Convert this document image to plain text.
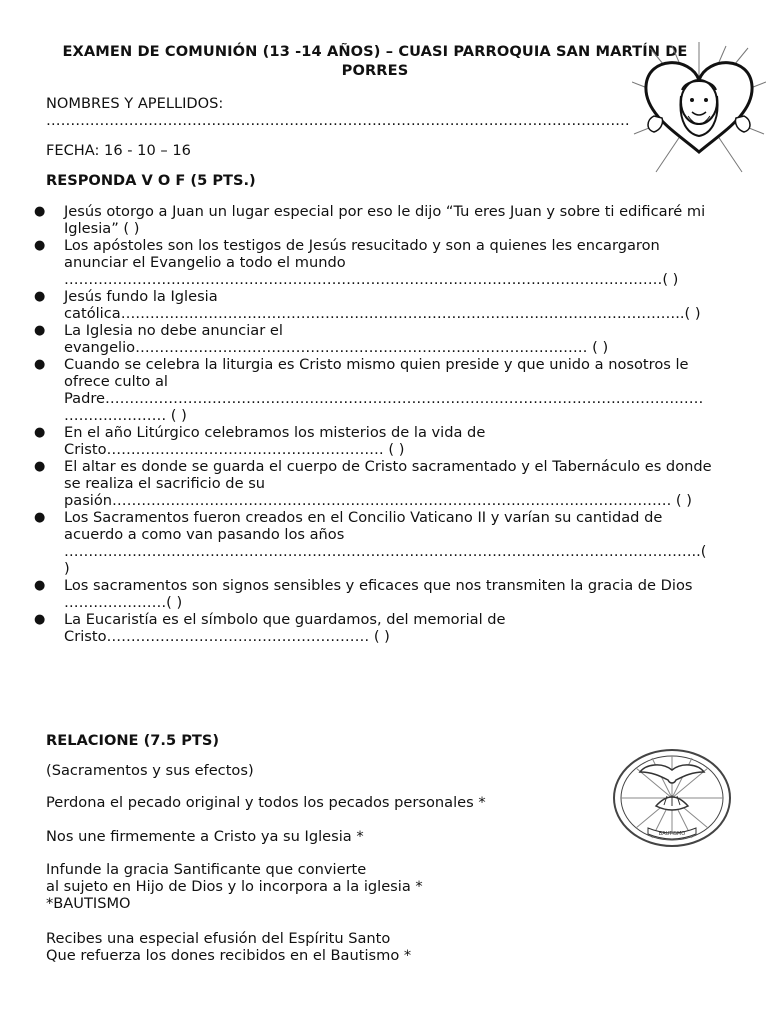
EXAMEN DE COMUNIÓN (13 -14 AÑOS) – CUASI PARROQUIA SAN MARTÍN DE PORRES
NOMBRES Y APELLIDOS:
…………………………………………………………………………………………………………
FECHA: 16 - 10 – 16
RESPONDA V O F (5 PTS.)
● Jesús otorgo a Juan un lugar especial por eso le dijo “Tu eres Juan y sobre ti edificaré mi Iglesia” ( )
● Los apóstoles son los testigos de Jesús resucitado y son a quienes les encargaron anunciar el Evangelio a todo el mundo ……………………………………………………………………………………………………………( )
● Jesús fundo la Iglesia católica……………………………………………………………………………………………………..( )
● La Iglesia no debe anunciar el evangelio………………………………………………………………………………… ( )
● Cuando se celebra la liturgia es Cristo mismo quien preside y que unido a nosotros le ofrece culto al Padre……………………………………………………………………………………………………………………………… ( )
● En el año Litúrgico celebramos los misterios de la vida de Cristo………………………………………………… ( )
● El altar es donde se guarda el cuerpo de Cristo sacramentado y el Tabernáculo es donde se realiza el sacrificio de su pasión……………………………………………………………………………………………………. ( )
● Los Sacramentos fueron creados en el Concilio Vaticano II y varían su cantidad de acuerdo a como van pasando los años …………………………………………………………………………………………………………………..( )
● Los sacramentos son signos sensibles y eficaces que nos transmiten la gracia de Dios …………………( )
● La Eucaristía es el símbolo que guardamos, del memorial de Cristo……………………………………………… ( )
RELACIONE (7.5 PTS)
(Sacramentos y sus efectos)
Perdona el pecado original y todos los pecados personales *
Nos une firmemente a Cristo ya su Iglesia *
Infunde la gracia Santificante que convierte
al sujeto en Hijo de Dios y lo incorpora a la iglesia *
*BAUTISMO
Recibes una especial efusión del Espíritu Santo
Que refuerza los dones recibidos en el Bautismo *
BAUTISMO
